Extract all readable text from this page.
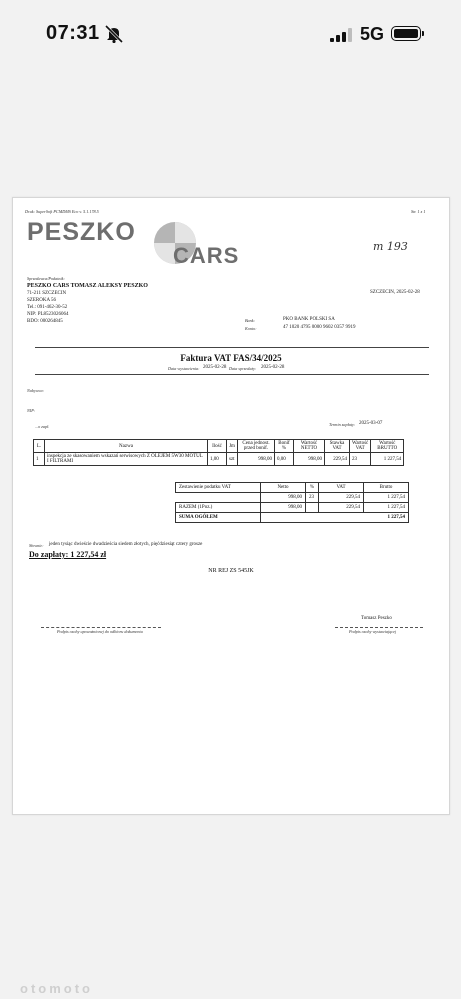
07:31	5G
Druk: SuperSoft PCMDMS Eco v. 5.1.178.5	Str. 1 z 1
PESZKO
CARS	m 193
Sprzedawca/Podatnik:
PESZKO CARS TOMASZ ALEKSY PESZKO
71-211 SZCZECIN
SZEROKA 56
Tel.: 091-462-30-52
NIP: PL8523026064
BDO: 000264845
SZCZECIN, 2025-02-28
Bank:	PKO BANK POLSKI SA
Konto:	47 1020 4795 0000 9602 0357 9919
Faktura VAT FAS/34/2025
Data wystawienia: 2025-02-28 Data sprzedaży: 2025-02-28
Nabywca:
NIP:
...o zapł.	Termin zapłaty: 2025-03-07
L.	Nazwa	Ilość	Jm	Cena jednost. przed bonif.	Bonif %	Wartość NETTO	Stawka VAT	Wartość VAT	Wartość BRUTTO
1	inspekcja ze skasowaniem wskazań serwisowych Z OLEJEM 5W30 MOTUL I FILTRAMI	1,00	szt	998,00	0,00	998,00	229,54	23	1 227,54
Zestawienie podatku VAT	Netto	%	VAT	Brutto
	998,00	23	229,54	1 227,54
RAZEM (1Poz.)	998,00		229,54	1 227,54
SUMA OGÓŁEM	1 227,54			
Słownie: jeden tysiąc dwieście dwadzieścia siedem złotych, pięćdziesiąt cztery grosze
Do zapłaty: 1 227,54 zł
NR REJ ZS 545JK
Tomasz Peszko
Podpis osoby upoważnionej do odbioru dokumentu	Podpis osoby wystawiającej
otomoto
